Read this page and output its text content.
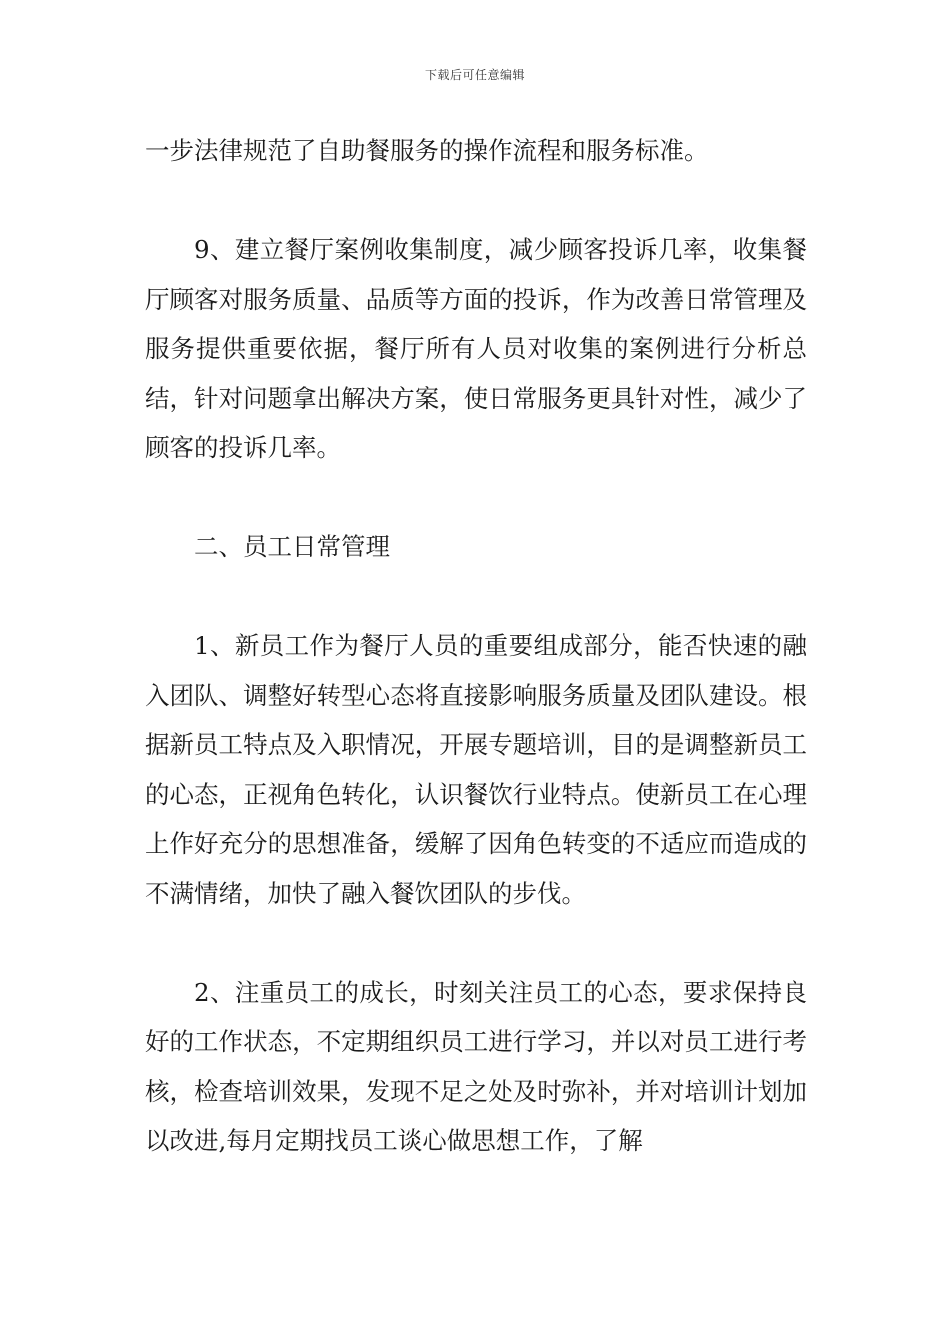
下载后可任意编辑

一步法律规范了自助餐服务的操作流程和服务标准。

9、建立餐厅案例收集制度，减少顾客投诉几率，收集餐厅顾客对服务质量、品质等方面的投诉，作为改善日常管理及服务提供重要依据，餐厅所有人员对收集的案例进行分析总结，针对问题拿出解决方案，使日常服务更具针对性，减少了顾客的投诉几率。

二、员工日常管理

1、新员工作为餐厅人员的重要组成部分，能否快速的融入团队、调整好转型心态将直接影响服务质量及团队建设。根据新员工特点及入职情况，开展专题培训，目的是调整新员工的心态，正视角色转化，认识餐饮行业特点。使新员工在心理上作好充分的思想准备，缓解了因角色转变的不适应而造成的不满情绪，加快了融入餐饮团队的步伐。

2、注重员工的成长，时刻关注员工的心态，要求保持良好的工作状态，不定期组织员工进行学习，并以对员工进行考核，检查培训效果，发现不足之处及时弥补，并对培训计划加以改进,每月定期找员工谈心做思想工作，了解
